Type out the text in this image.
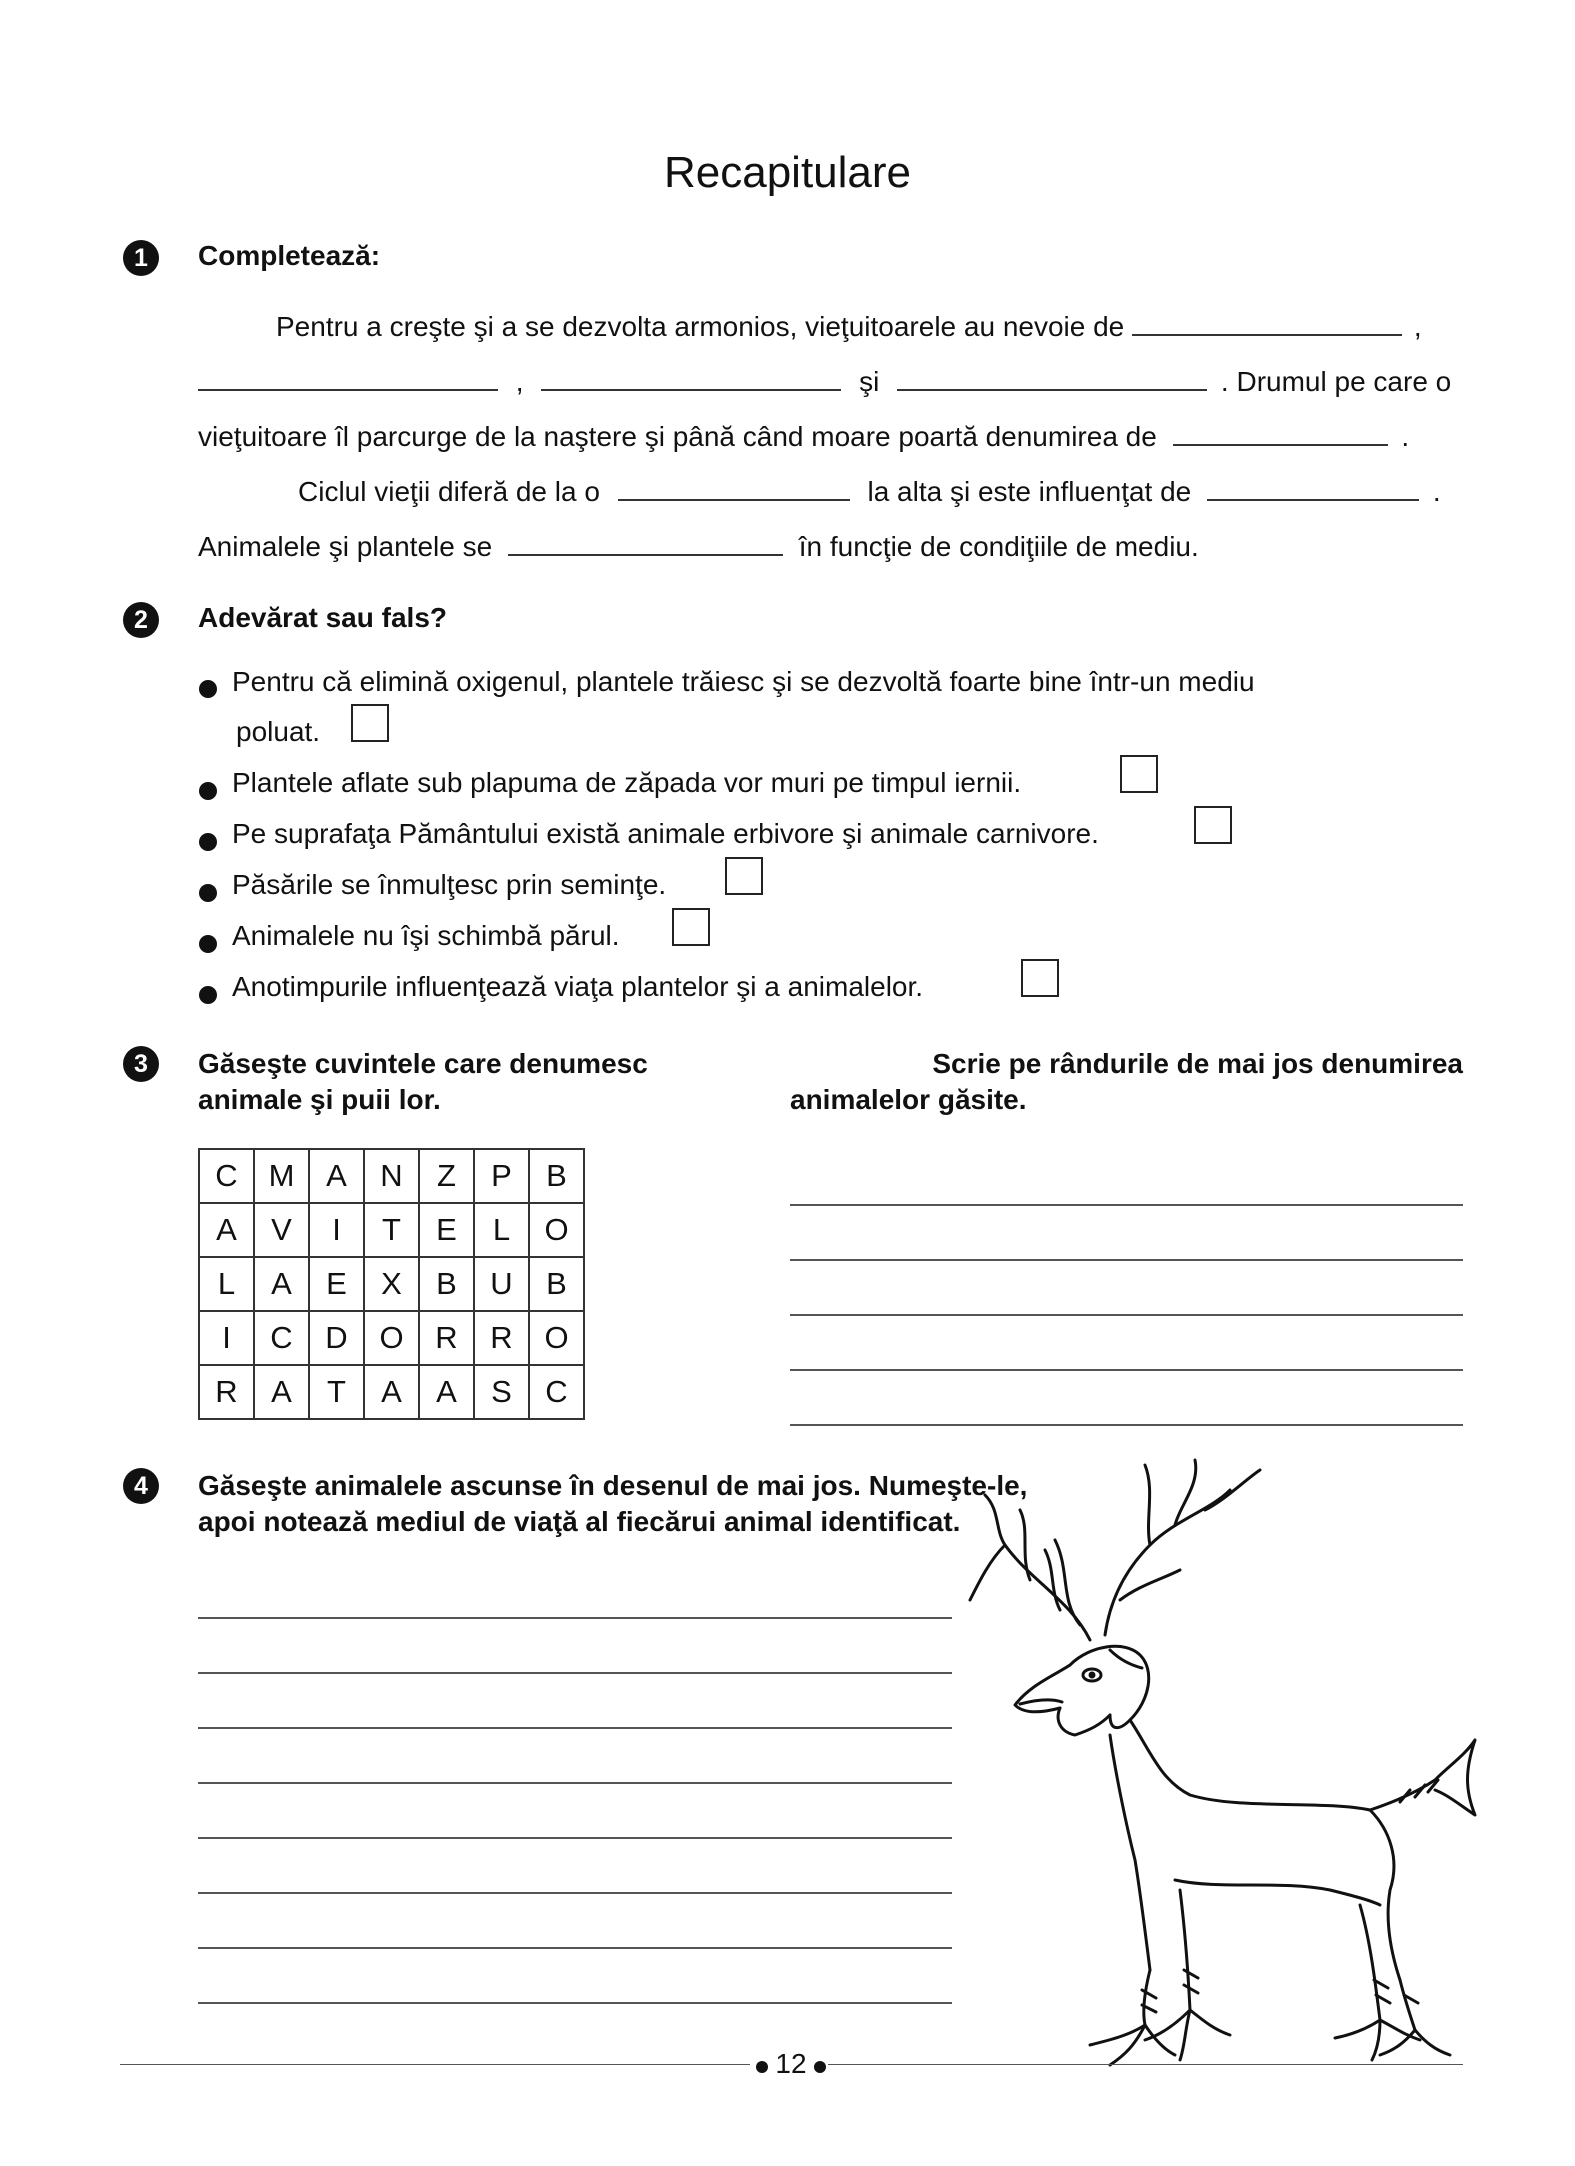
Recapitulare
1	Completează:
Pentru a creşte şi a se dezvolta armonios, vieţuitoarele au nevoie de	,
,	şi	. Drumul pe care o
vieţuitoare îl parcurge de la naştere şi până când moare poartă denumirea de	.
Ciclul vieţii diferă de la o	la alta şi este influenţat de	.
Animalele şi plantele se	în funcţie de condiţiile de mediu.
2	Adevărat sau fals?
Pentru că elimină oxigenul, plantele trăiesc şi se dezvoltă foarte bine într-un mediu
poluat.
Plantele aflate sub plapuma de zăpada vor muri pe timpul iernii.
Pe suprafaţa Pământului există animale erbivore şi animale carnivore.
Păsările se înmulţesc prin seminţe.
Animalele nu îşi schimbă părul.
Anotimpurile influenţează viaţa plantelor şi a animalelor.
3	Găseşte cuvintele care denumesc
animale şi puii lor.
Scrie pe rândurile de mai jos denumirea
animalelor găsite.
C	M	A	N	Z	P	B
A	V	I	T	E	L	O
L	A	E	X	B	U	B
I	C	D	O	R	R	O
R	A	T	A	A	S	C
4	Găseşte animalele ascunse în desenul de mai jos. Numeşte-le,
apoi notează mediul de viaţă al fiecărui animal identificat.
12
